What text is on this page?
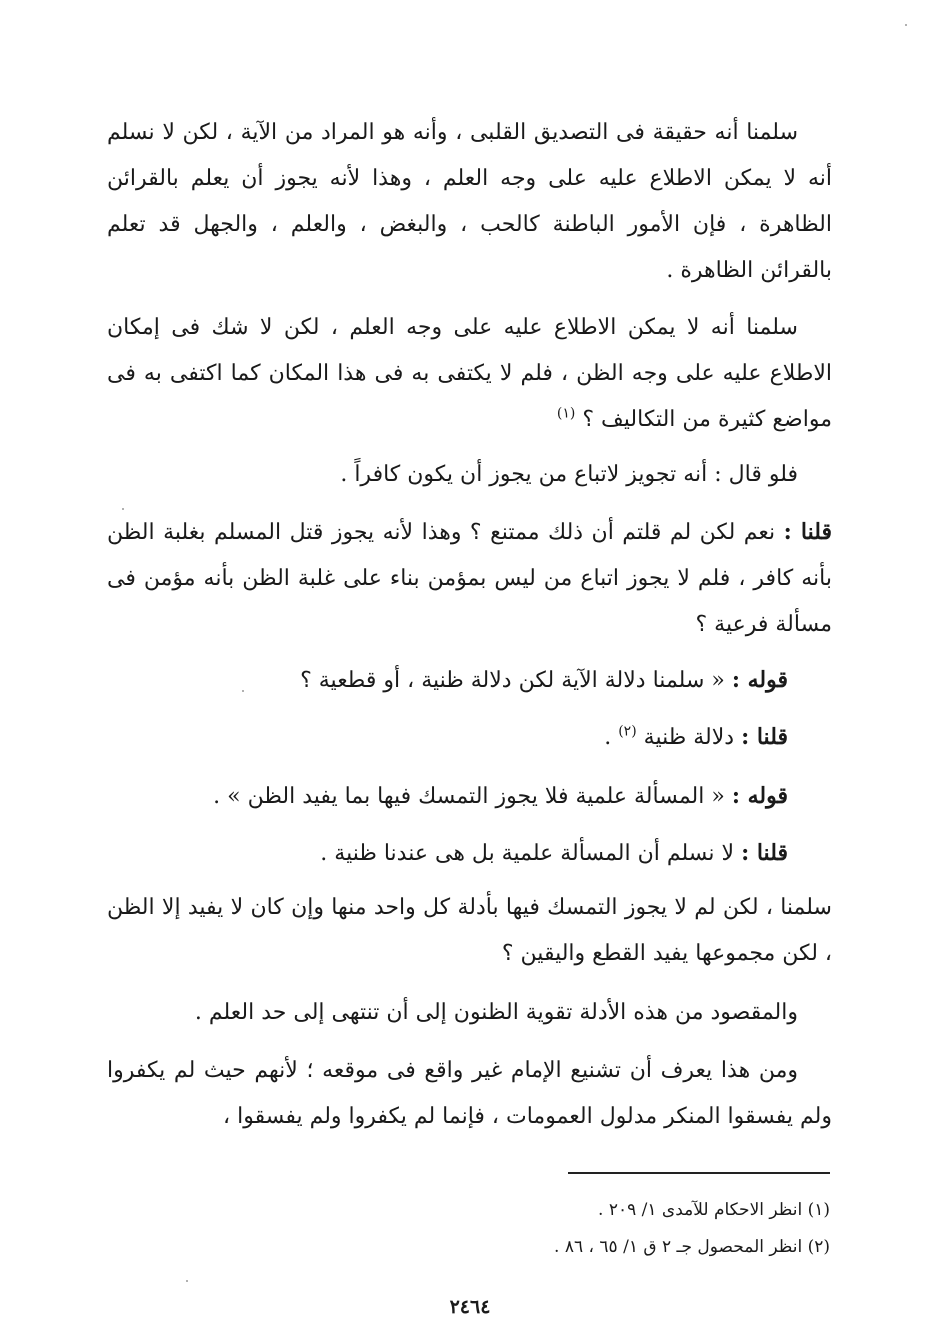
سلمنا أنه حقيقة فى التصديق القلبى ، وأنه هو المراد من الآية ، لكن لا نسلم أنه لا يمكن الاطلاع عليه على وجه العلم ، وهذا لأنه يجوز أن يعلم بالقرائن الظاهرة ، فإن الأمور الباطنة كالحب ، والبغض ، والعلم ، والجهل قد تعلم بالقرائن الظاهرة .

سلمنا أنه لا يمكن الاطلاع عليه على وجه العلم ، لكن لا شك فى إمكان الاطلاع عليه على وجه الظن ، فلم لا يكتفى به فى هذا المكان كما اكتفى به فى مواضع كثيرة من التكاليف ؟ $^{(١)}$

فلو قال : أنه تجويز لاتباع من يجوز أن يكون كافراً .

قلنا : نعم لكن لم قلتم أن ذلك ممتنع ؟ وهذا لأنه يجوز قتل المسلم بغلبة الظن بأنه كافر ، فلم لا يجوز اتباع من ليس بمؤمن بناء على غلبة الظن بأنه مؤمن فى مسألة فرعية ؟

قوله : « سلمنا دلالة الآية لكن دلالة ظنية ، أو قطعية ؟

قلنا : دلالة ظنية $^{(٢)}$ .

قوله : « المسألة علمية فلا يجوز التمسك فيها بما يفيد الظن » .

قلنا : لا نسلم أن المسألة علمية بل هى عندنا ظنية .

سلمنا ، لكن لم لا يجوز التمسك فيها بأدلة كل واحد منها وإن كان لا يفيد إلا الظن ، لكن مجموعها يفيد القطع واليقين ؟

والمقصود من هذه الأدلة تقوية الظنون إلى أن تنتهى إلى حد العلم .

ومن هذا يعرف أن تشنيع الإمام غير واقع فى موقعه ؛ لأنهم حيث لم يكفروا ولم يفسقوا المنكر مدلول العمومات ، فإنما لم يكفروا ولم يفسقوا ،

(١) انظر الاحكام للآمدى ١/ ٢٠٩ .

(٢) انظر المحصول جـ ٢ ق ١/ ٦٥ ، ٨٦ .

٢٤٦٤
